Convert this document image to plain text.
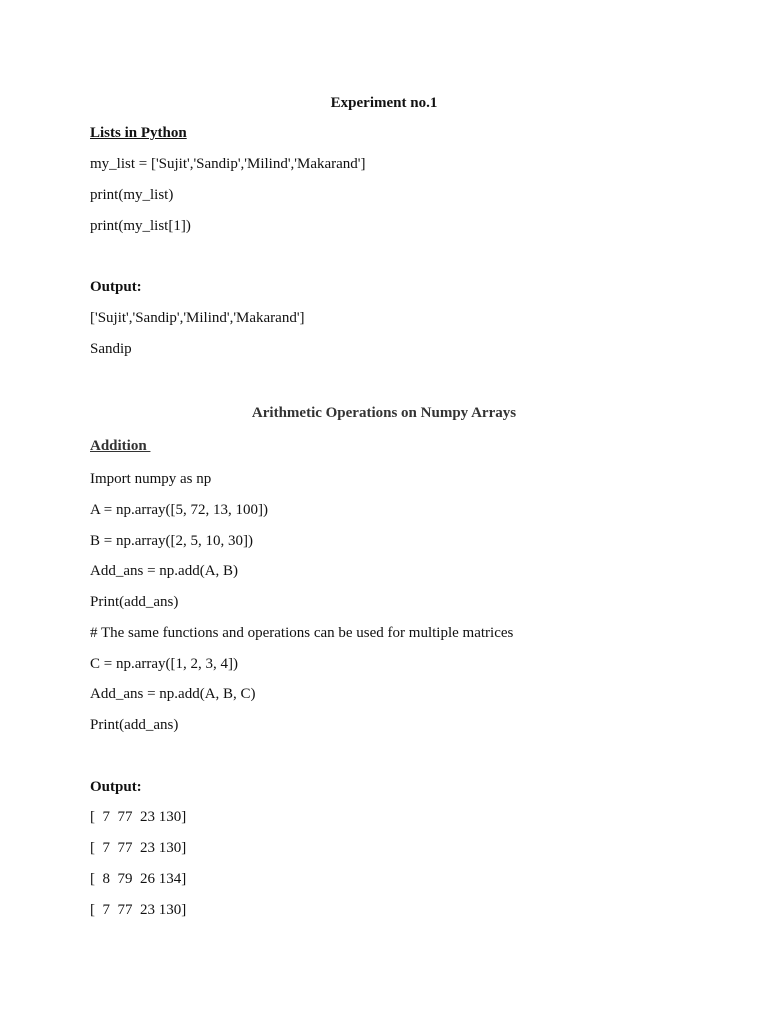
Experiment no.1
Lists in Python
my_list = ['Sujit','Sandip','Milind','Makarand']
print(my_list)
print(my_list[1])
Output:
['Sujit','Sandip','Milind','Makarand']
Sandip
Arithmetic Operations on Numpy Arrays
Addition
Import numpy as np
A = np.array([5, 72, 13, 100])
B = np.array([2, 5, 10, 30])
Add_ans = np.add(A, B)
Print(add_ans)
# The same functions and operations can be used for multiple matrices
C = np.array([1, 2, 3, 4])
Add_ans = np.add(A, B, C)
Print(add_ans)
Output:
[  7  77  23 130]
[  7  77  23 130]
[  8  79  26 134]
[  7  77  23 130]
